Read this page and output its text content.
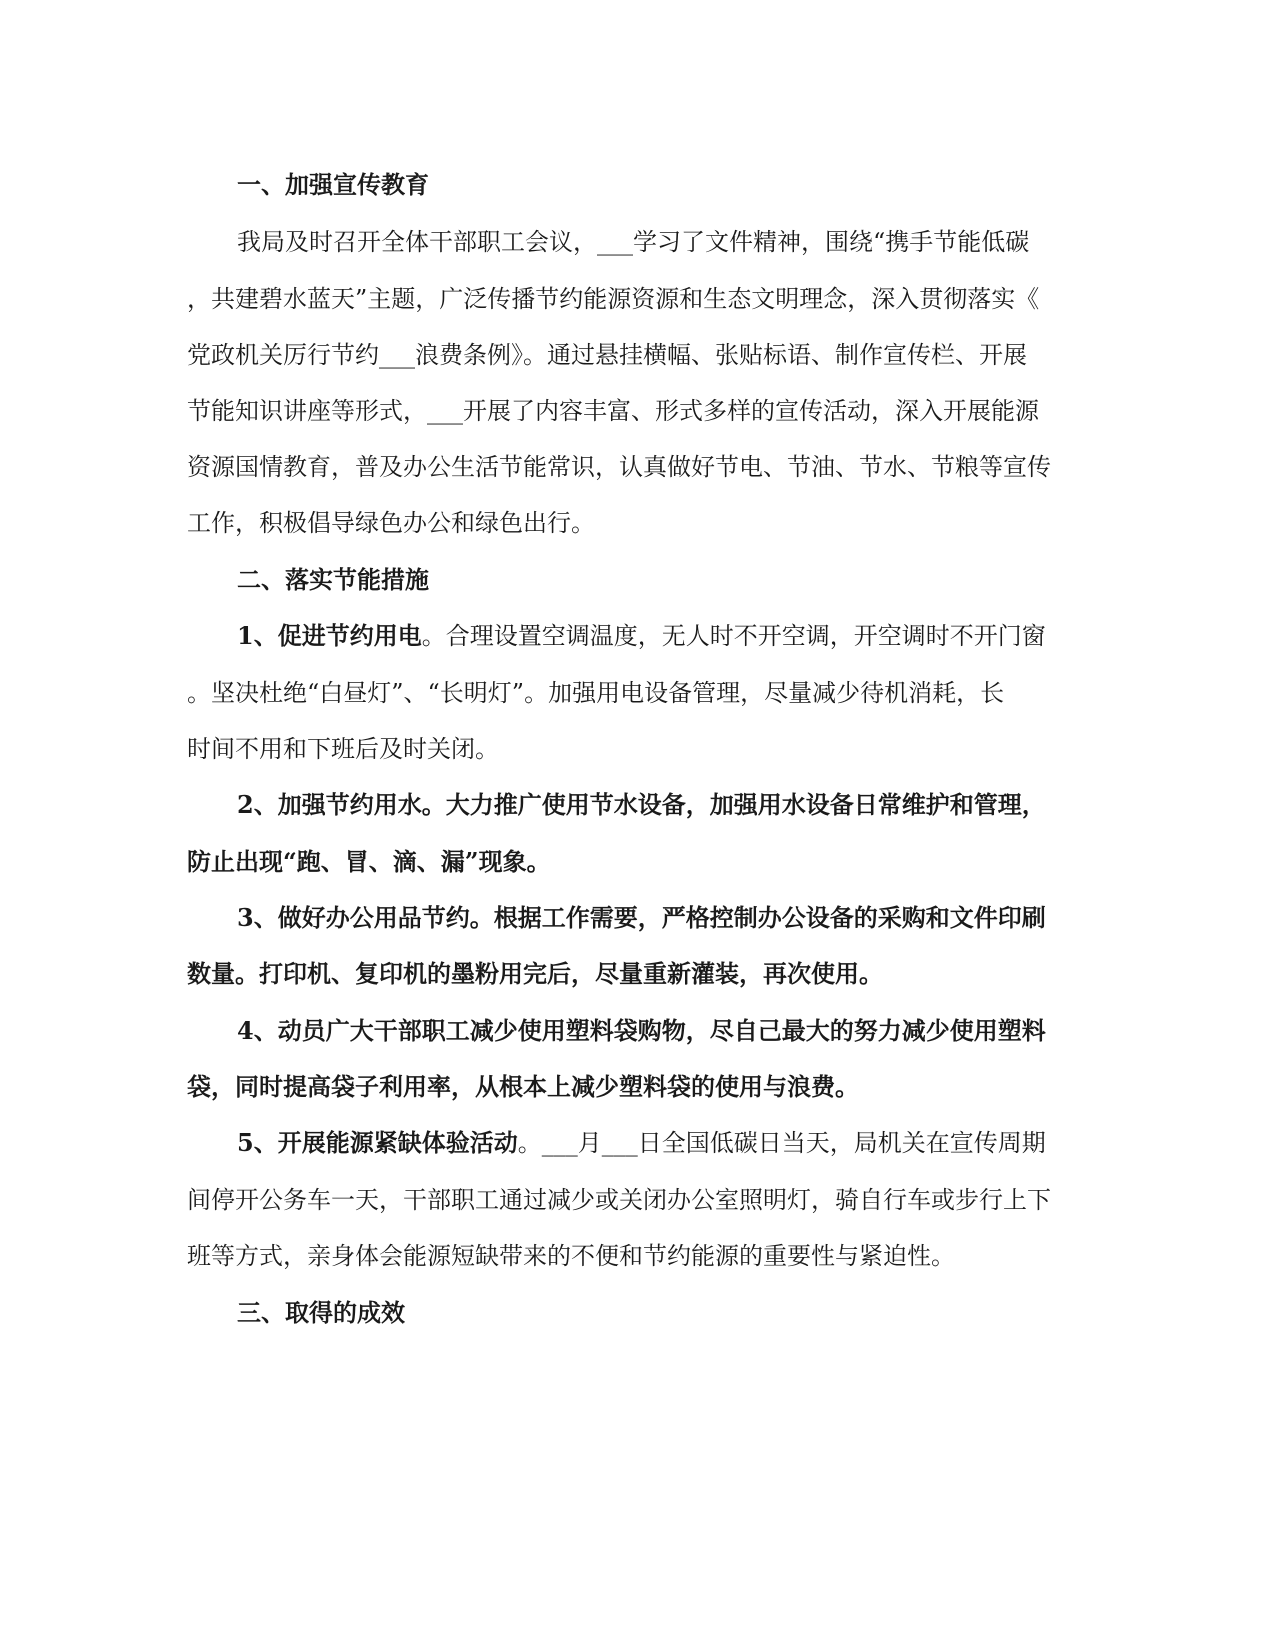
一、加强宣传教育
我局及时召开全体干部职工会议，___学习了文件精神，围绕“携手节能低碳
，共建碧水蓝天”主题，广泛传播节约能源资源和生态文明理念，深入贯彻落实《
党政机关厉行节约___浪费条例》。通过悬挂横幅、张贴标语、制作宣传栏、开展
节能知识讲座等形式，___开展了内容丰富、形式多样的宣传活动，深入开展能源
资源国情教育，普及办公生活节能常识，认真做好节电、节油、节水、节粮等宣传
工作，积极倡导绿色办公和绿色出行。
二、落实节能措施
1、促进节约用电。合理设置空调温度，无人时不开空调，开空调时不开门窗
。坚决杜绝“白昼灯”、“长明灯”。加强用电设备管理，尽量减少待机消耗，长
时间不用和下班后及时关闭。
2、加强节约用水。大力推广使用节水设备，加强用水设备日常维护和管理，
防止出现“跑、冒、滴、漏”现象。
3、做好办公用品节约。根据工作需要，严格控制办公设备的采购和文件印刷
数量。打印机、复印机的墨粉用完后，尽量重新灌装，再次使用。
4、动员广大干部职工减少使用塑料袋购物，尽自己最大的努力减少使用塑料
袋，同时提高袋子利用率，从根本上减少塑料袋的使用与浪费。
5、开展能源紧缺体验活动。___月___日全国低碳日当天，局机关在宣传周期
间停开公务车一天，干部职工通过减少或关闭办公室照明灯，骑自行车或步行上下
班等方式，亲身体会能源短缺带来的不便和节约能源的重要性与紧迫性。
三、取得的成效
